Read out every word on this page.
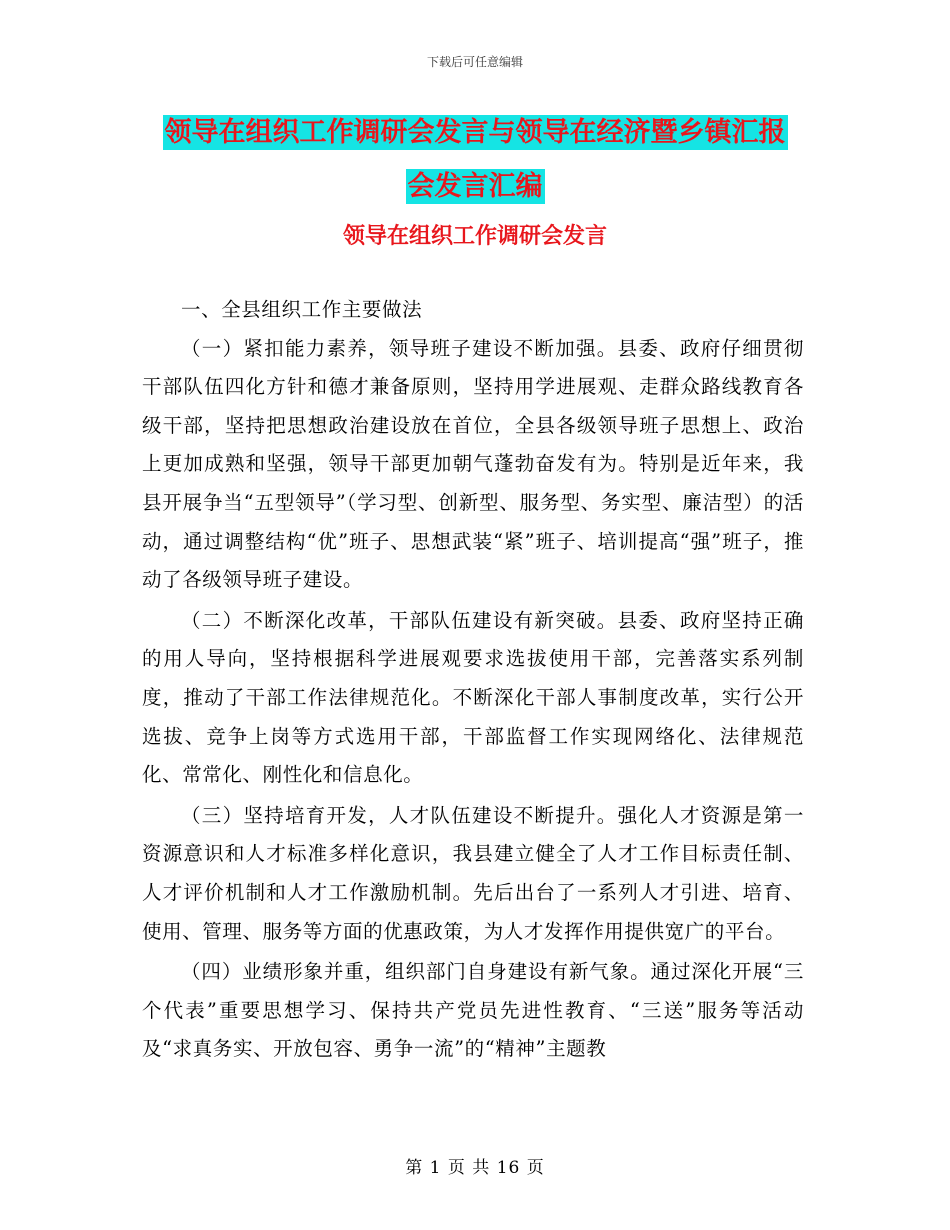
下载后可任意编辑
领导在组织工作调研会发言与领导在经济暨乡镇汇报
会发言汇编
领导在组织工作调研会发言

一、全县组织工作主要做法

（一）紧扣能力素养，领导班子建设不断加强。县委、政府仔细贯彻干部队伍四化方针和德才兼备原则，坚持用学进展观、走群众路线教育各级干部，坚持把思想政治建设放在首位，全县各级领导班子思想上、政治上更加成熟和坚强，领导干部更加朝气蓬勃奋发有为。特别是近年来，我县开展争当“五型领导”（学习型、创新型、服务型、务实型、廉洁型）的活动，通过调整结构“优”班子、思想武装“紧”班子、培训提高“强”班子，推动了各级领导班子建设。

（二）不断深化改革，干部队伍建设有新突破。县委、政府坚持正确的用人导向，坚持根据科学进展观要求选拔使用干部，完善落实系列制度，推动了干部工作法律规范化。不断深化干部人事制度改革，实行公开选拔、竞争上岗等方式选用干部，干部监督工作实现网络化、法律规范化、常常化、刚性化和信息化。

（三）坚持培育开发，人才队伍建设不断提升。强化人才资源是第一资源意识和人才标准多样化意识，我县建立健全了人才工作目标责任制、人才评价机制和人才工作激励机制。先后出台了一系列人才引进、培育、使用、管理、服务等方面的优惠政策，为人才发挥作用提供宽广的平台。

（四）业绩形象并重，组织部门自身建设有新气象。通过深化开展“三个代表”重要思想学习、保持共产党员先进性教育、“三送”服务等活动及“求真务实、开放包容、勇争一流”的“精神”主题教

第 1 页 共 16 页
